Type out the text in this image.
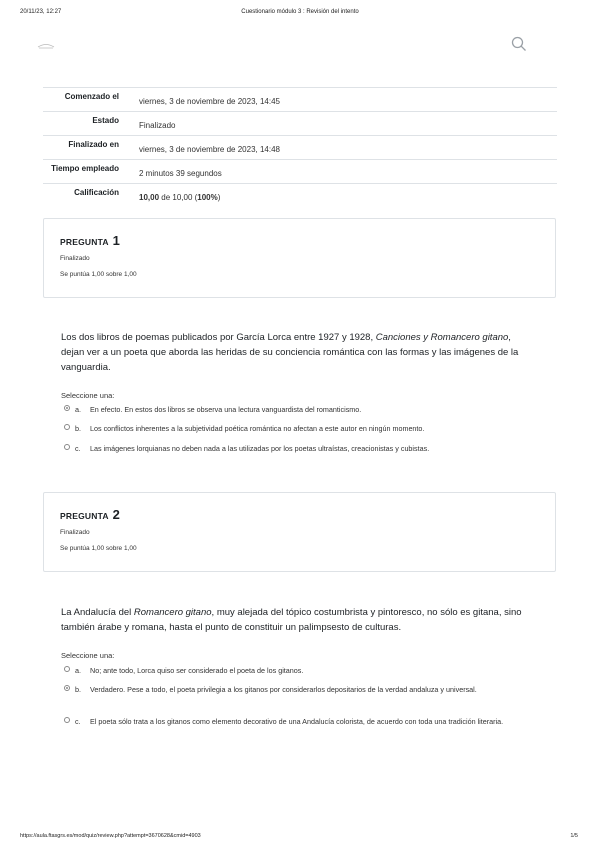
20/11/23, 12:27	Cuestionario módulo 3 : Revisión del intento
Comenzado el	viernes, 3 de noviembre de 2023, 14:45
Estado	Finalizado
Finalizado en	viernes, 3 de noviembre de 2023, 14:48
Tiempo empleado	2 minutos 39 segundos
Calificación	10,00 de 10,00 (100%)
PREGUNTA 1
Finalizado
Se puntúa 1,00 sobre 1,00
Los dos libros de poemas publicados por García Lorca entre 1927 y 1928, Canciones y Romancero gitano, dejan ver a un poeta que aborda las heridas de su conciencia romántica con las formas y las imágenes de la vanguardia.
Seleccione una:
a. En efecto. En estos dos libros se observa una lectura vanguardista del romanticismo.
b. Los conflictos inherentes a la subjetividad poética romántica no afectan a este autor en ningún momento.
c. Las imágenes lorquianas no deben nada a las utilizadas por los poetas ultraístas, creacionistas y cubistas.
PREGUNTA 2
Finalizado
Se puntúa 1,00 sobre 1,00
La Andalucía del Romancero gitano, muy alejada del tópico costumbrista y pintoresco, no sólo es gitana, sino también árabe y romana, hasta el punto de constituir un palimpsesto de culturas.
Seleccione una:
a. No; ante todo, Lorca quiso ser considerado el poeta de los gitanos.
b. Verdadero. Pese a todo, el poeta privilegia a los gitanos por considerarlos depositarios de la verdad andaluza y universal.
c. El poeta sólo trata a los gitanos como elemento decorativo de una Andalucía colorista, de acuerdo con toda una tradición literaria.
https://aula.ftasgrs.es/mod/quiz/review.php?attempt=3670628&cmid=4903	1/5
